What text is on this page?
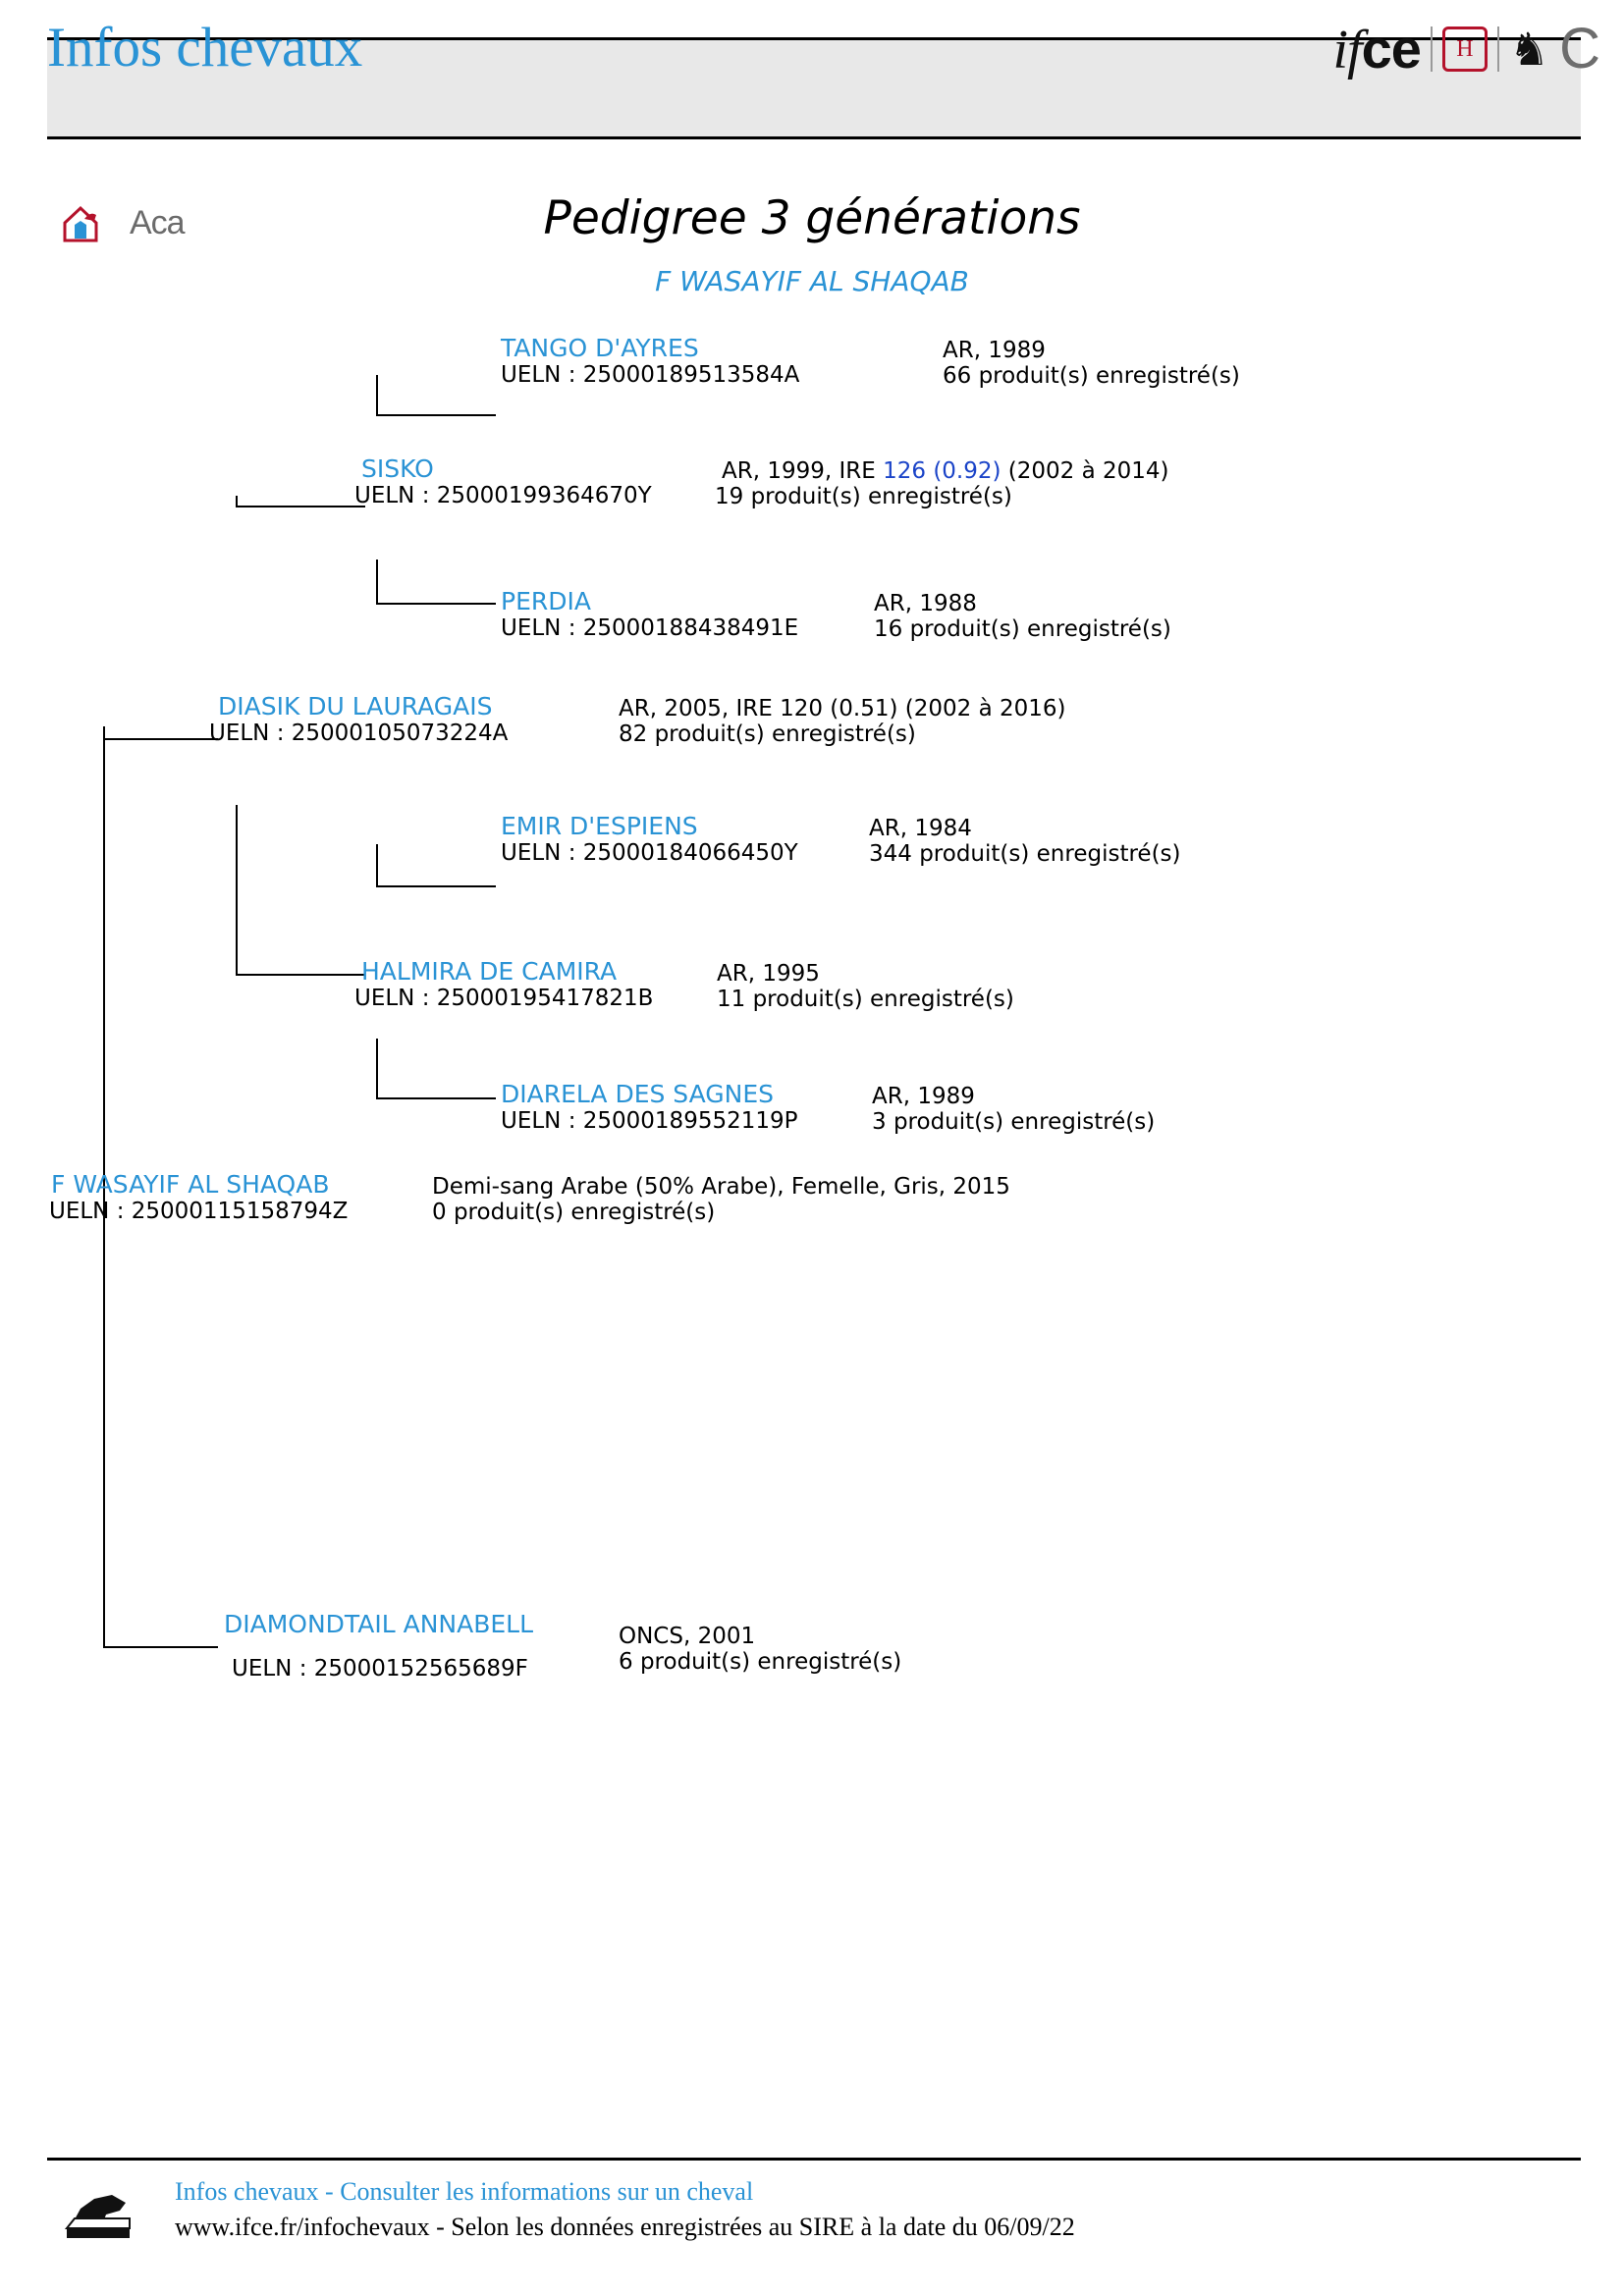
Infos chevaux	ifce	H ♞ C
Aca	Pedigree 3 générations
F WASAYIF AL SHAQAB
TANGO D'AYRES
UELN : 25000189513584A
AR, 1989
66 produit(s) enregistré(s)
SISKO
UELN : 25000199364670Y
AR, 1999, IRE 126 (0.92) (2002 à 2014)
19 produit(s) enregistré(s)
PERDIA
UELN : 25000188438491E
AR, 1988
16 produit(s) enregistré(s)
DIASIK DU LAURAGAIS
UELN : 25000105073224A
AR, 2005, IRE 120 (0.51) (2002 à 2016)
82 produit(s) enregistré(s)
EMIR D'ESPIENS
UELN : 25000184066450Y
AR, 1984
344 produit(s) enregistré(s)
HALMIRA DE CAMIRA
UELN : 25000195417821B
AR, 1995
11 produit(s) enregistré(s)
DIARELA DES SAGNES
UELN : 25000189552119P
AR, 1989
3 produit(s) enregistré(s)
F WASAYIF AL SHAQAB
UELN : 25000115158794Z
Demi-sang Arabe (50% Arabe), Femelle, Gris, 2015
0 produit(s) enregistré(s)
DIAMONDTAIL ANNABELL
UELN : 25000152565689F
ONCS, 2001
6 produit(s) enregistré(s)
Infos chevaux - Consulter les informations sur un cheval
www.ifce.fr/infochevaux - Selon les données enregistrées au SIRE à la date du 06/09/22
